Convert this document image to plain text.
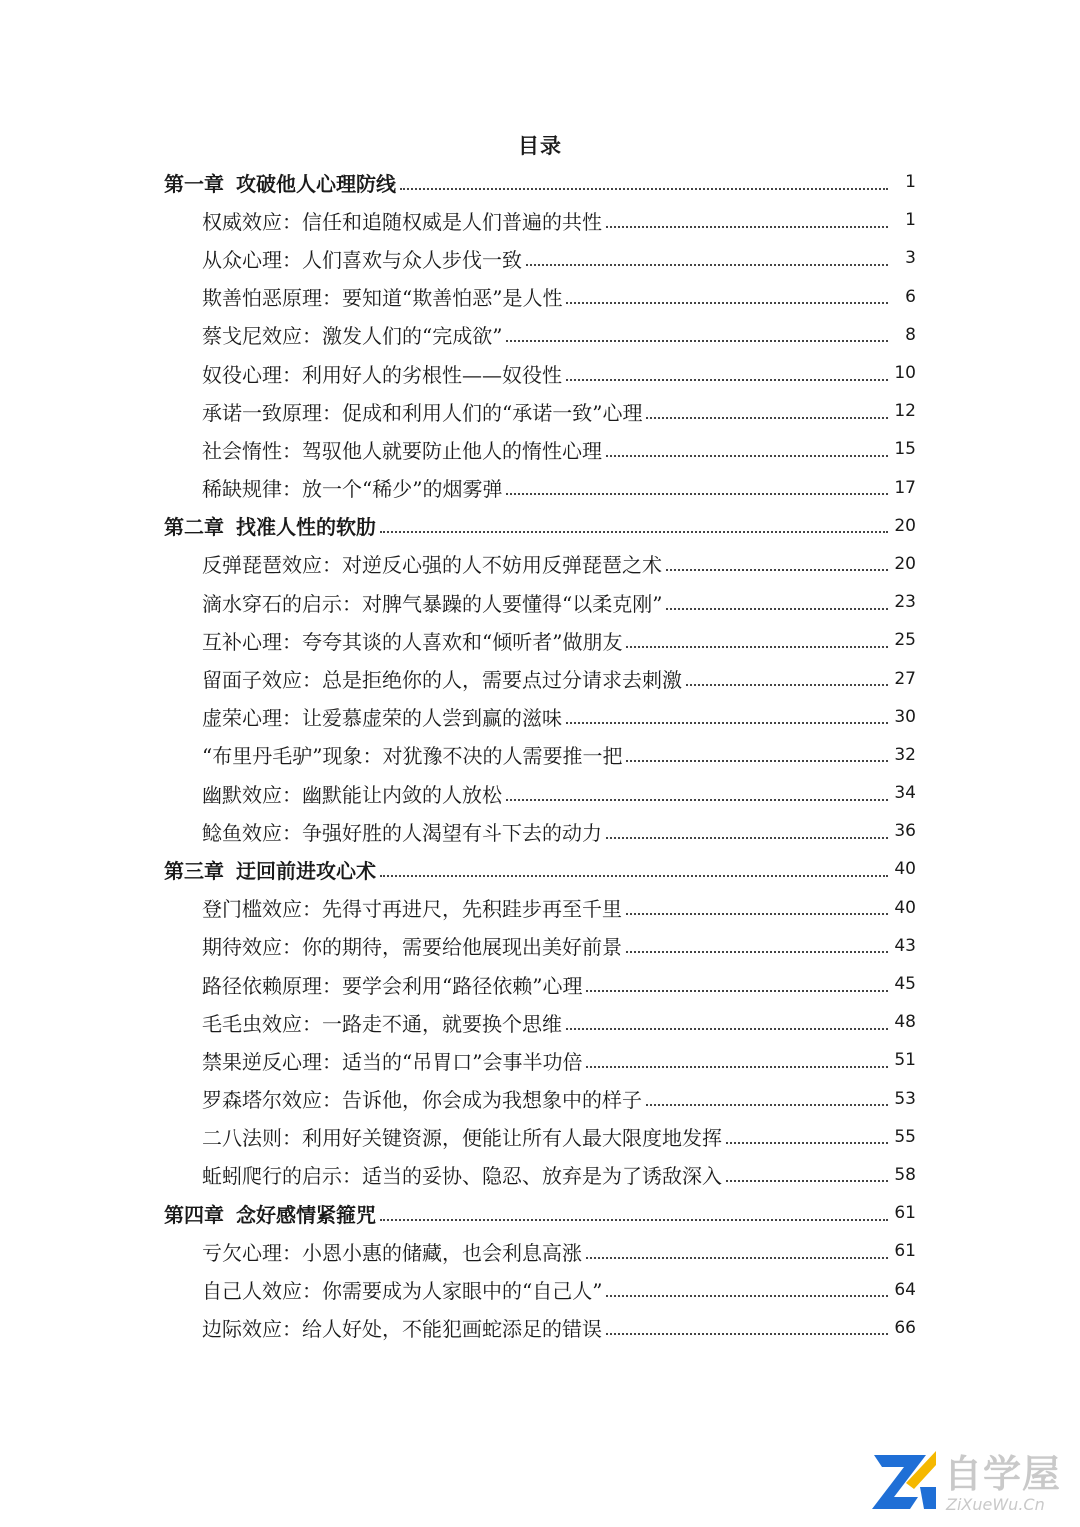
目录
第一章 攻破他人心理防线	1
权威效应：信任和追随权威是人们普遍的共性	1
从众心理：人们喜欢与众人步伐一致	3
欺善怕恶原理：要知道“欺善怕恶”是人性	6
蔡戈尼效应：激发人们的“完成欲”	8
奴役心理：利用好人的劣根性——奴役性	10
承诺一致原理：促成和利用人们的“承诺一致”心理	12
社会惰性：驾驭他人就要防止他人的惰性心理	15
稀缺规律：放一个“稀少”的烟雾弹	17
第二章 找准人性的软肋	20
反弹琵琶效应：对逆反心强的人不妨用反弹琵琶之术	20
滴水穿石的启示：对脾气暴躁的人要懂得“以柔克刚”	23
互补心理：夸夸其谈的人喜欢和“倾听者”做朋友	25
留面子效应：总是拒绝你的人，需要点过分请求去刺激	27
虚荣心理：让爱慕虚荣的人尝到赢的滋味	30
“布里丹毛驴”现象：对犹豫不决的人需要推一把	32
幽默效应：幽默能让内敛的人放松	34
鲶鱼效应：争强好胜的人渴望有斗下去的动力	36
第三章 迂回前进攻心术	40
登门槛效应：先得寸再进尺，先积跬步再至千里	40
期待效应：你的期待，需要给他展现出美好前景	43
路径依赖原理：要学会利用“路径依赖”心理	45
毛毛虫效应：一路走不通，就要换个思维	48
禁果逆反心理：适当的“吊胃口”会事半功倍	51
罗森塔尔效应：告诉他，你会成为我想象中的样子	53
二八法则：利用好关键资源，便能让所有人最大限度地发挥	55
蚯蚓爬行的启示：适当的妥协、隐忍、放弃是为了诱敌深入	58
第四章 念好感情紧箍咒	61
亏欠心理：小恩小惠的储藏，也会利息高涨	61
自己人效应：你需要成为人家眼中的“自己人”	64
边际效应：给人好处，不能犯画蛇添足的错误	66
自学屋
ZiXueWu.Cn
